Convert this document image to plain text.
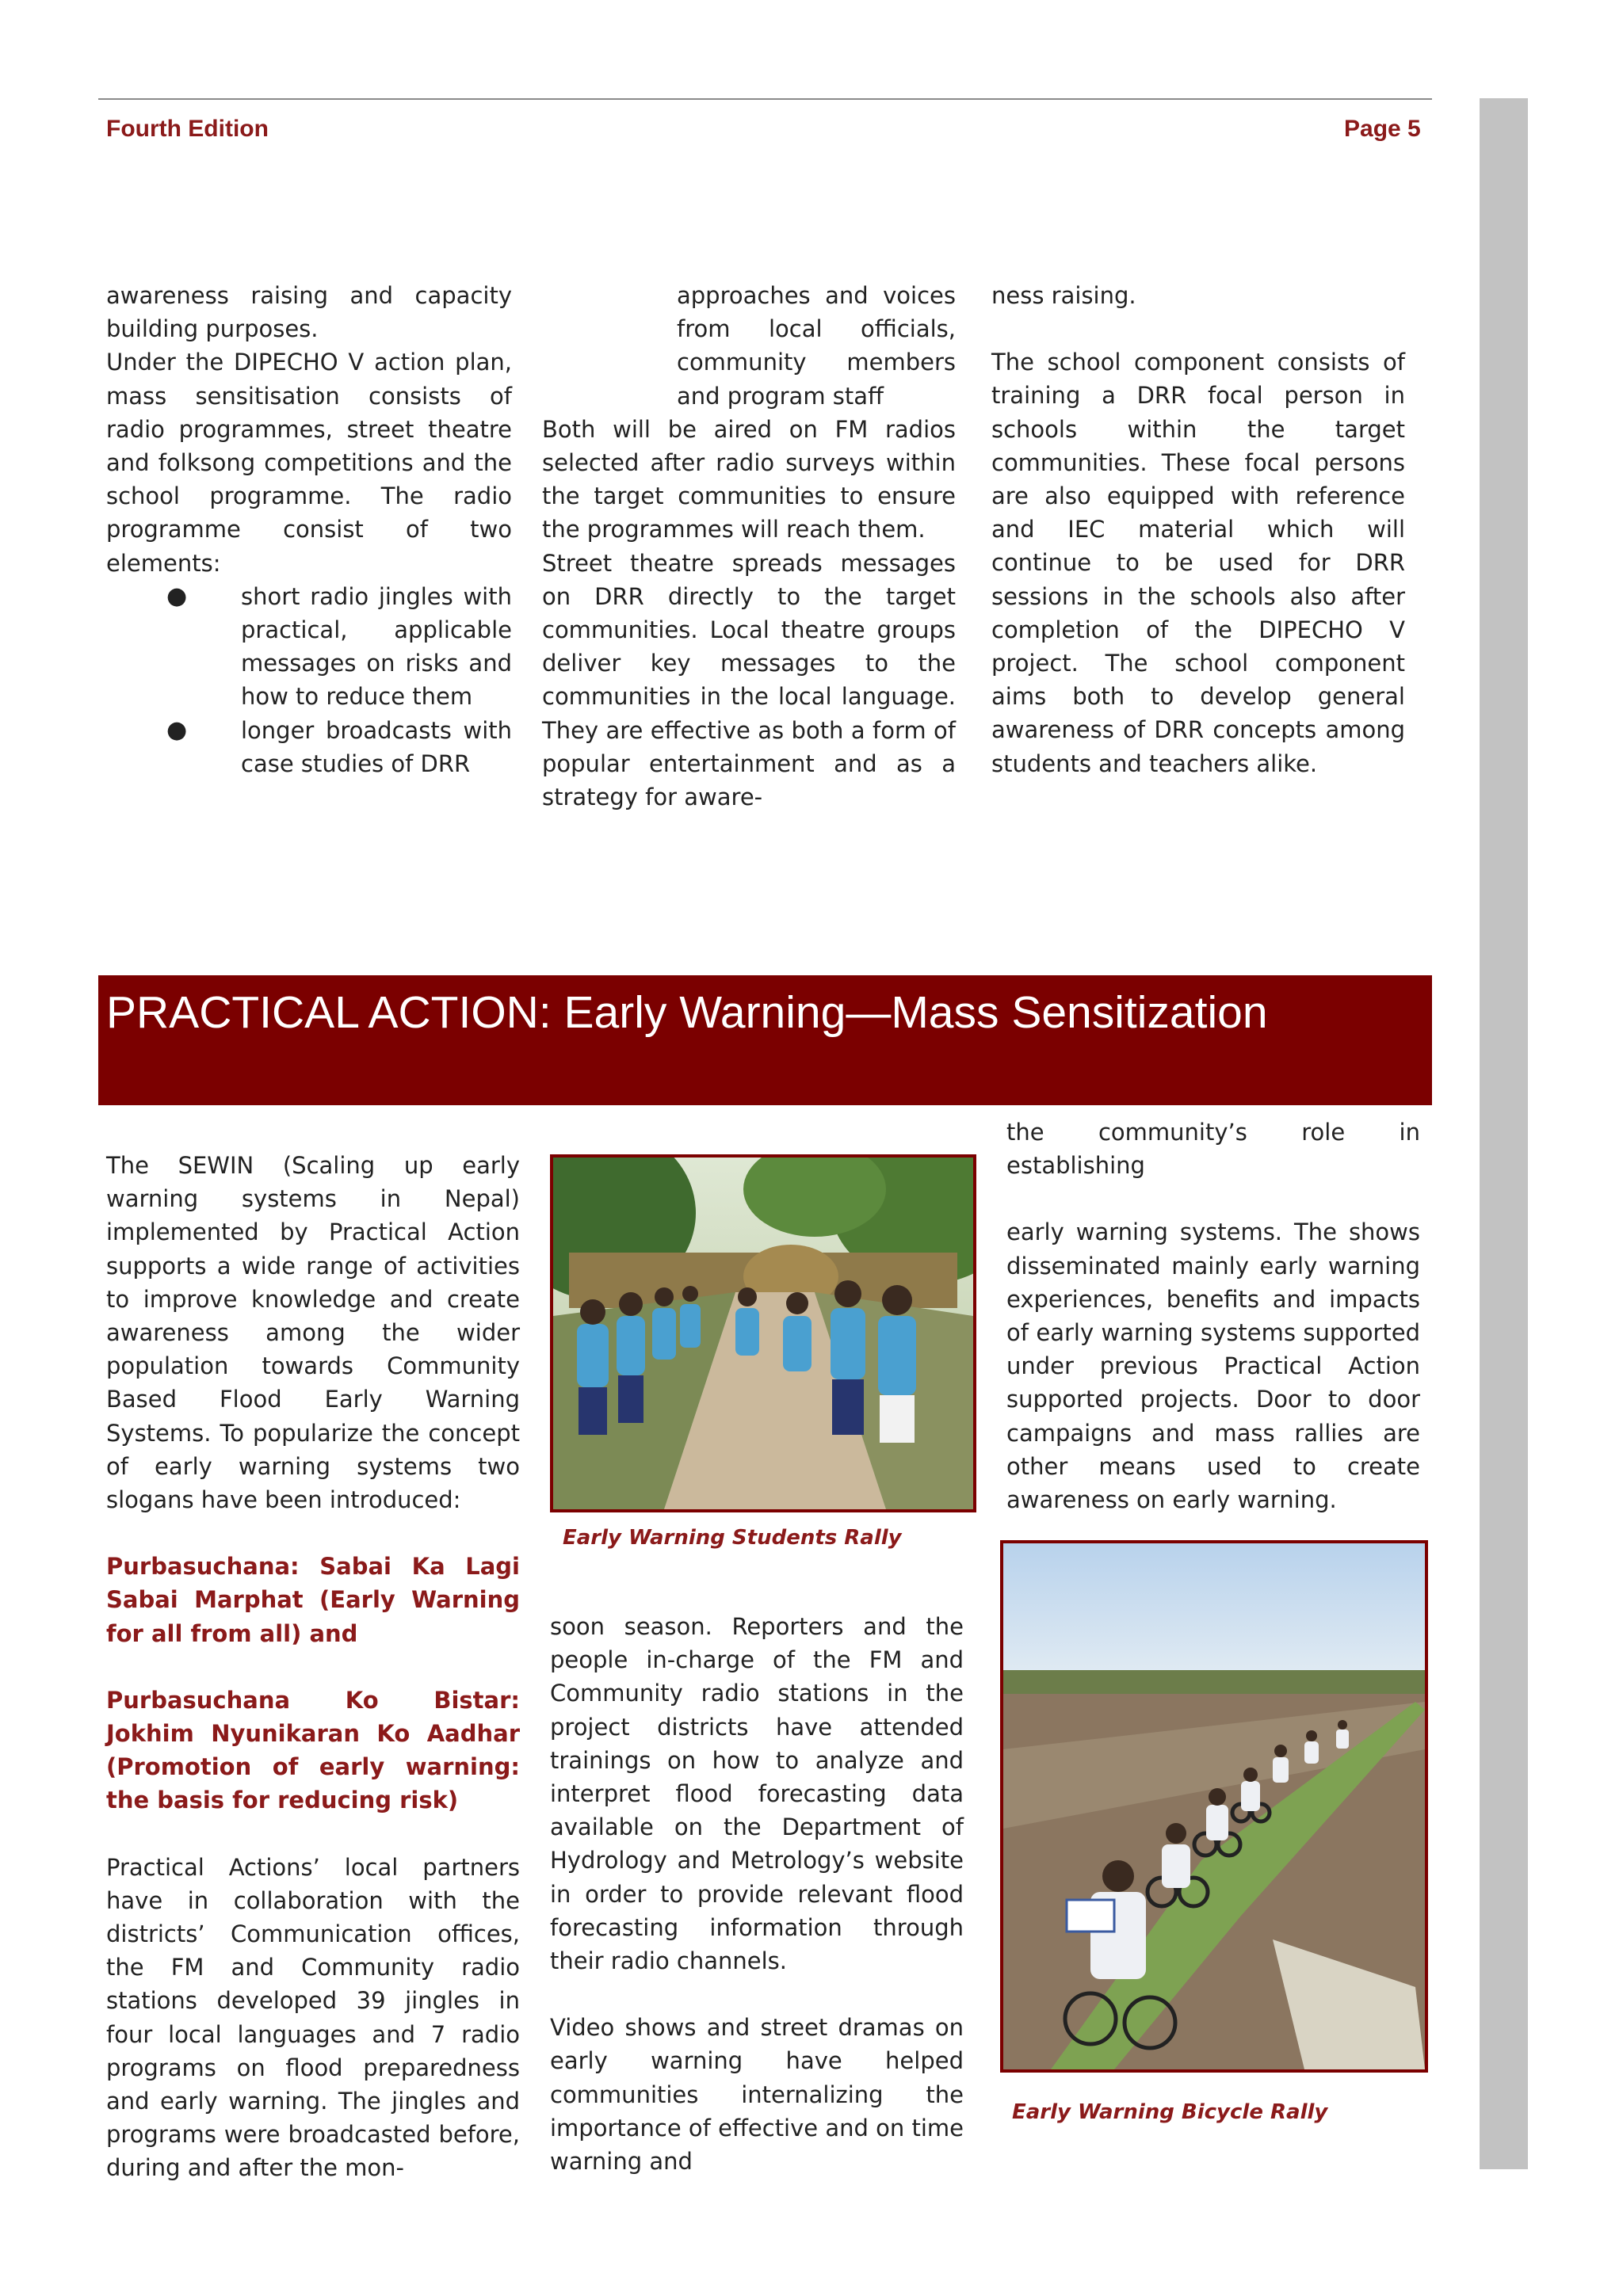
Fourth Edition	Page 5

awareness raising and capacity building purposes.

Under the DIPECHO V action plan, mass sensitisation consists of radio programmes, street theatre and folksong competitions and the school programme. The radio programme consist of two elements:

● short radio jingles with practical, applicable messages on risks and how to reduce them
● longer broadcasts with case studies of DRR

approaches and voices from local officials, community members and program staff

Both will be aired on FM radios selected after radio surveys within the target communities to ensure the programmes will reach them.

Street theatre spreads messages on DRR directly to the target communities. Local theatre groups deliver key messages to the communities in the local language. They are effective as both a form of popular entertainment and as a strategy for aware-

ness raising.

The school component consists of training a DRR focal person in schools within the target communities. These focal persons are also equipped with reference and IEC material which will continue to be used for DRR sessions in the schools also after completion of the DIPECHO V project. The school component aims both to develop general awareness of DRR concepts among students and teachers alike.

PRACTICAL ACTION: Early Warning—Mass Sensitization

The SEWIN (Scaling up early warning systems in Nepal) implemented by Practical Action supports a wide range of activities to improve knowledge and create awareness among the wider population towards Community Based Flood Early Warning Systems. To popularize the concept of early warning systems two slogans have been introduced:

Purbasuchana: Sabai Ka Lagi Sabai Marphat (Early Warning for all from all) and

Purbasuchana Ko Bistar: Jokhim Nyunikaran Ko Aadhar (Promotion of early warning: the basis for reducing risk)

Practical Actions’ local partners have in collaboration with the districts’ Communication offices, the FM and Community radio stations developed 39 jingles in four local languages and 7 radio programs on flood preparedness and early warning. The jingles and programs were broadcasted before, during and after the mon-

Early Warning Students Rally

soon season. Reporters and the people in-charge of the FM and Community radio stations in the project districts have attended trainings on how to analyze and interpret flood forecasting data available on the Department of Hydrology and Metrology’s website in order to provide relevant flood forecasting information through their radio channels.

Video shows and street dramas on early warning have helped communities internalizing the importance of effective and on time warning and

the community’s role in establishing

early warning systems. The shows disseminated mainly early warning experiences, benefits and impacts of early warning systems supported under previous Practical Action supported projects. Door to door campaigns and mass rallies are other means used to create awareness on early warning.

Early Warning Bicycle Rally
